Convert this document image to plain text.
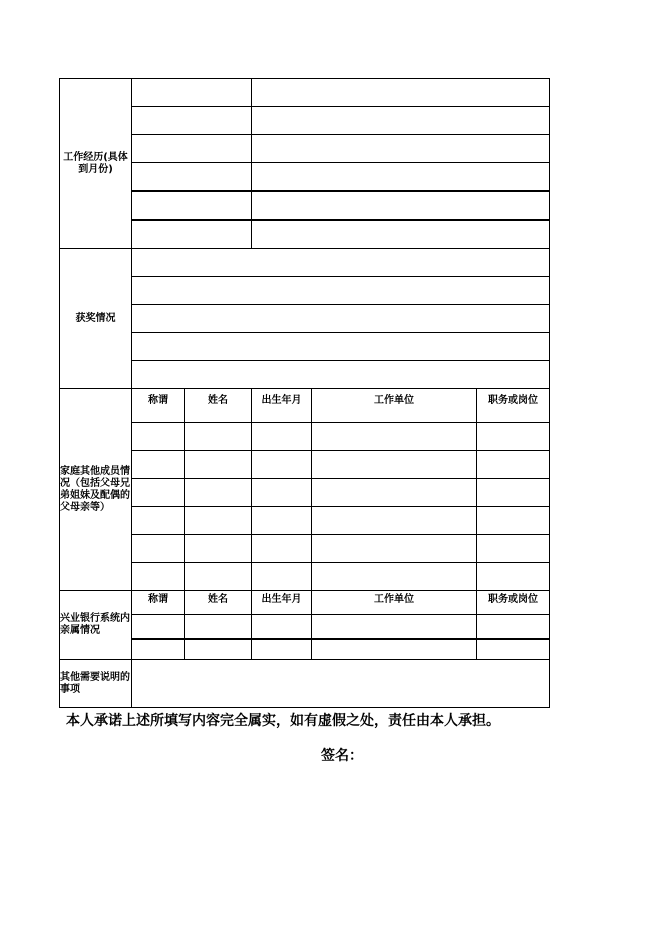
工作经历(具体到月份)						

获奖情况						

家庭其他成员情况（包括父母兄弟姐妹及配偶的父母亲等）	称谓	姓名	出生年月	工作单位	职务或岗位	

兴业银行系统内亲属情况	称谓	姓名	出生年月	工作单位	职务或岗位	

其他需要说明的事项						
本人承诺上述所填写内容完全属实，如有虚假之处，责任由本人承担。
签名：
